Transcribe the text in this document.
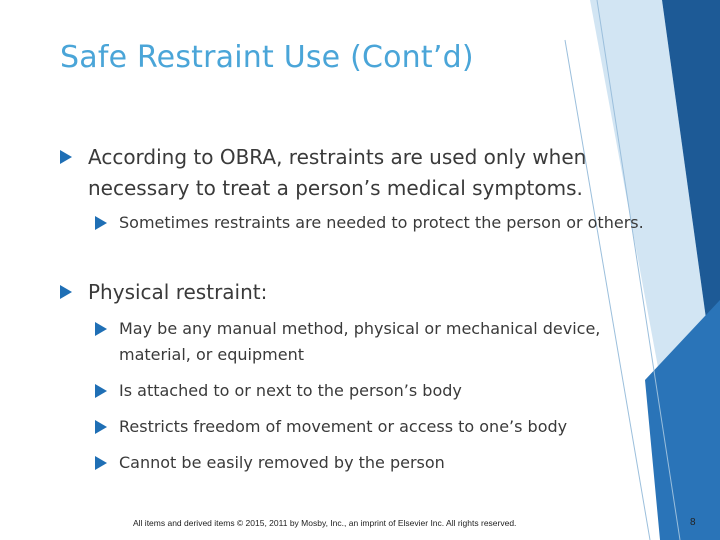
Safe Restraint Use (Cont’d)
According to OBRA, restraints are used only when necessary to treat a person’s medical symptoms.
Sometimes restraints are needed to protect the person or others.
Physical restraint:
May be any manual method, physical or mechanical device, material, or equipment
Is attached to or next to the person’s body
Restricts freedom of movement or access to one’s body
Cannot be easily removed by the person
All items and derived items © 2015, 2011 by Mosby, Inc., an imprint of Elsevier Inc. All rights reserved.	8
